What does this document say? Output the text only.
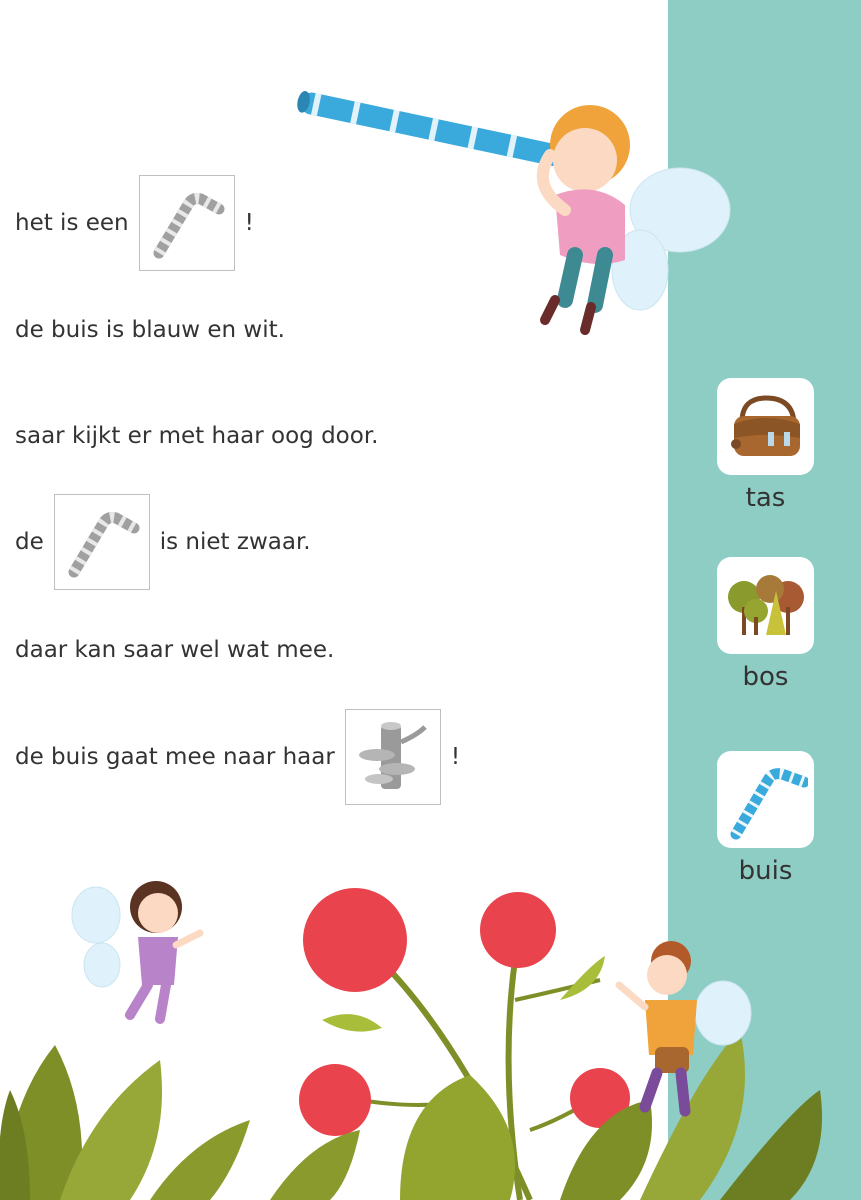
het is een	!
de buis is blauw en wit.
saar kijkt er met haar oog door.
de	is niet zwaar.
daar kan saar wel wat mee.
de buis gaat mee naar haar	!
tas
bos
buis
